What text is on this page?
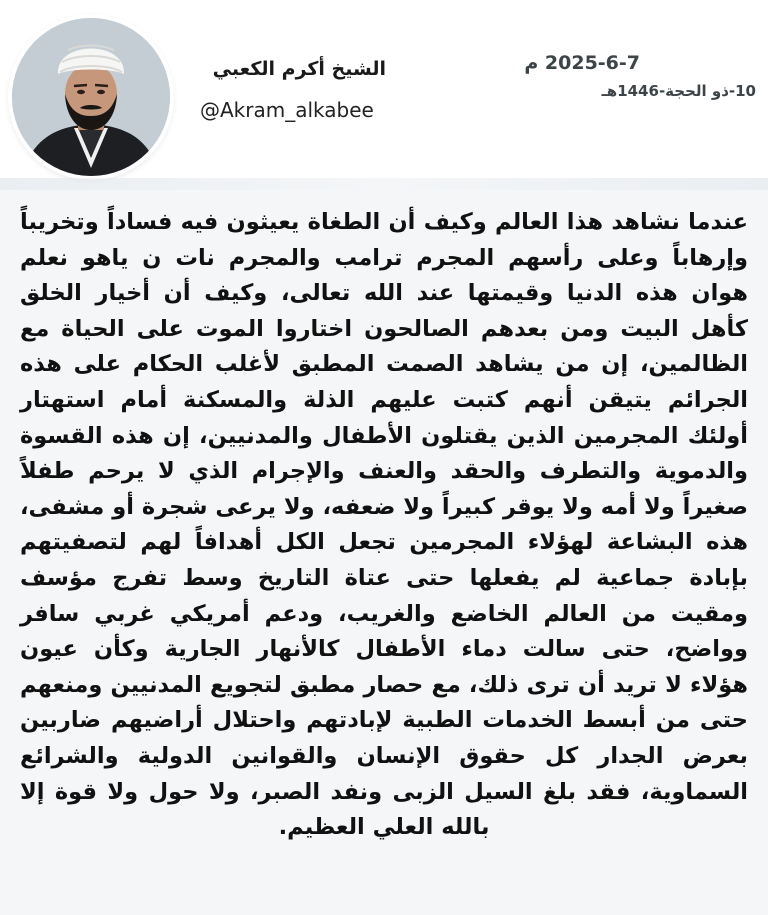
الشيخ أكرم الكعبي
@Akram_alkabee
2025-6-7 م
10-ذو الحجة-1446هـ
عندما نشاهد هذا العالم وكيف أن الطغاة يعيثون فيه فساداً وتخريباً وإرهاباً وعلى رأسهم المجرم ترامب والمجرم نات ن ياهو نعلم هوان هذه الدنيا وقيمتها عند الله تعالى، وكيف أن أخيار الخلق كأهل البيت ومن بعدهم الصالحون اختاروا الموت على الحياة مع الظالمين، إن من يشاهد الصمت المطبق لأغلب الحكام على هذه الجرائم يتيقن أنهم كتبت عليهم الذلة والمسكنة أمام استهتار أولئك المجرمين الذين يقتلون الأطفال والمدنيين، إن هذه القسوة والدموية والتطرف والحقد والعنف والإجرام الذي لا يرحم طفلاً صغيراً ولا أمه ولا يوقر كبيراً ولا ضعفه، ولا يرعى شجرة أو مشفى، هذه البشاعة لهؤلاء المجرمين تجعل الكل أهدافاً لهم لتصفيتهم بإبادة جماعية لم يفعلها حتى عتاة التاريخ وسط تفرج مؤسف ومقيت من العالم الخاضع والغريب، ودعم أمريكي غربي سافر وواضح، حتى سالت دماء الأطفال كالأنهار الجارية وكأن عيون هؤلاء لا تريد أن ترى ذلك، مع حصار مطبق لتجويع المدنيين ومنعهم حتى من أبسط الخدمات الطبية لإبادتهم واحتلال أراضيهم ضاربين بعرض الجدار كل حقوق الإنسان والقوانين الدولية والشرائع السماوية، فقد بلغ السيل الزبى ونفد الصبر، ولا حول ولا قوة إلا بالله العلي العظيم.
